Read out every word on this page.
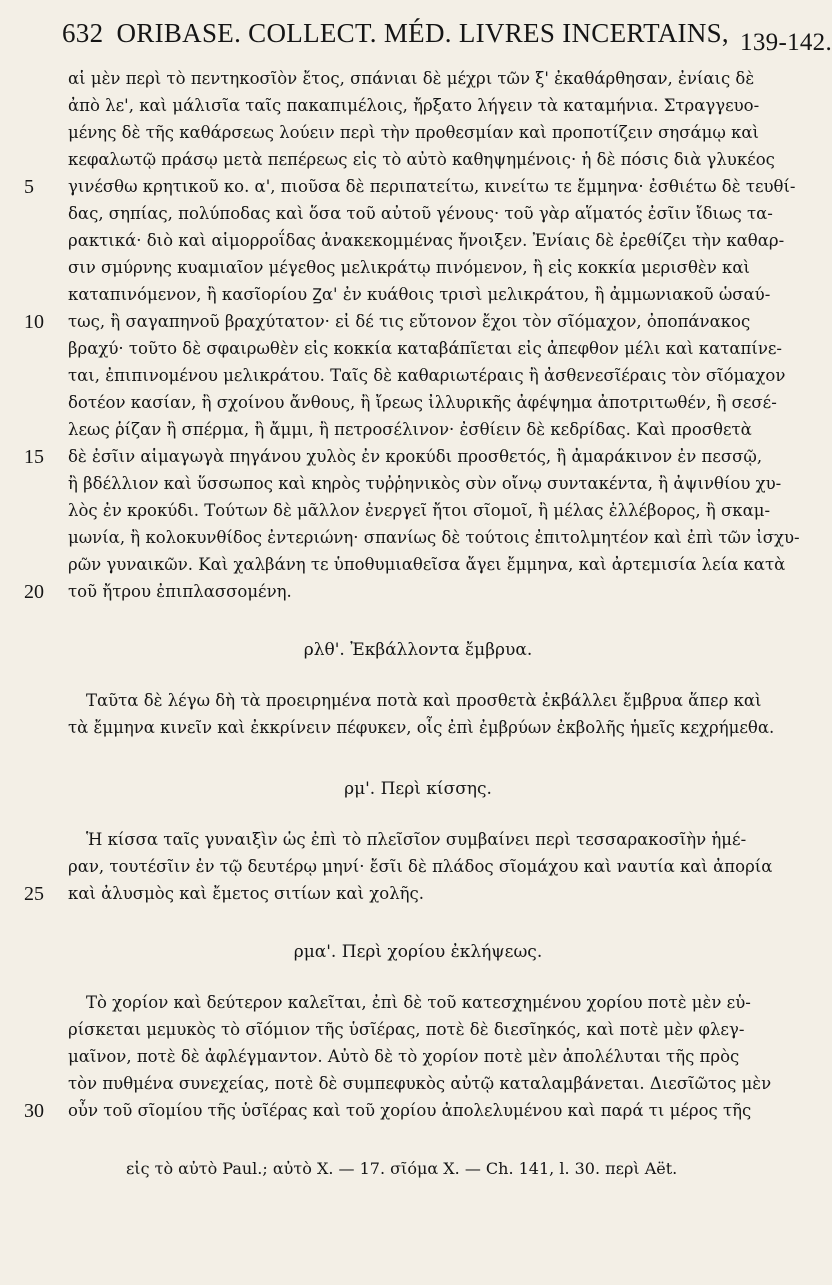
632 ORIBASE. COLLECT. MÉD. LIVRES INCERTAINS, 139-142.
αἱ μὲν περὶ τὸ πεντηκοσῖὸν ἔτος, σπάνιαι δὲ μέχρι τῶν ξ' ἐκαθάρθησαν, ἐνίαις δὲ
ἀπὸ λε', καὶ μάλισῖα ταῖς πακαπιμέλοις, ἤρξατο λήγειν τὰ καταμήνια. Στραγγευο-
μένης δὲ τῆς καθάρσεως λούειν περὶ τὴν προθεσμίαν καὶ προποτίζειν σησάμῳ καὶ
κεφαλωτῷ πράσῳ μετὰ πεπέρεως εἰς τὸ αὐτὸ καθηψημένοις· ἡ δὲ πόσις διὰ γλυκέος
γινέσθω κρητικοῦ κο. α', πιοῦσα δὲ περιπατείτω, κινείτω τε ἔμμηνα· ἐσθιέτω δὲ τευθί-
δας, σηπίας, πολύποδας καὶ ὅσα τοῦ αὐτοῦ γένους· τοῦ γὰρ αἵματός ἐσῖιν ἴδιως τα-
ρακτικά· διὸ καὶ αἱμορροΐδας ἀνακεκομμένας ἤνοιξεν. Ἐνίαις δὲ ἐρεθίζει τὴν καθαρ-
σιν σμύρνης κυαμιαῖον μέγεθος μελικράτῳ πινόμενον, ἢ εἰς κοκκία μερισθὲν καὶ
καταπινόμενον, ἢ κασῖορίου Ꙁα' ἐν κυάθοις τρισὶ μελικράτου, ἢ ἀμμωνιακοῦ ὡσαύ-
τως, ἢ σαγαπηνοῦ βραχύτατον· εἰ δέ τις εὔτονον ἔχοι τὸν σῖόμαχον, ὀποπάνακος
βραχύ· τοῦτο δὲ σφαιρωθὲν εἰς κοκκία καταβάπῖεται εἰς ἀπεφθον μέλι καὶ καταπίνε-
ται, ἐπιπινομένου μελικράτου. Ταῖς δὲ καθαριωτέραις ἢ ἀσθενεσῖέραις τὸν σῖόμαχον
δοτέον κασίαν, ἢ σχοίνου ἄνθους, ἢ ἴρεως ἰλλυρικῆς ἀφέψημα ἀποτριτωθέν, ἢ σεσέ-
λεως ῥίζαν ἢ σπέρμα, ἢ ἄμμι, ἢ πετροσέλινον· ἐσθίειν δὲ κεδρίδας. Καὶ προσθετὰ
δὲ ἐσῖιν αἱμαγωγὰ πηγάνου χυλὸς ἐν κροκύδι προσθετός, ἢ ἀμαράκινον ἐν πεσσῷ,
ἢ βδέλλιον καὶ ὕσσωπος καὶ κηρὸς τυῤῥηνικὸς σὺν οἴνῳ συντακέντα, ἢ ἀψινθίου χυ-
λὸς ἐν κροκύδι. Τούτων δὲ μᾶλλον ἐνεργεῖ ἤτοι σῖομοῖ, ἢ μέλας ἐλλέβορος, ἢ σκαμ-
μωνία, ἢ κολοκυνθίδος ἐντεριώνη· σπανίως δὲ τούτοις ἐπιτολμητέον καὶ ἐπὶ τῶν ἰσχυ-
ρῶν γυναικῶν. Καὶ χαλβάνη τε ὑποθυμιαθεῖσα ἄγει ἔμμηνα, καὶ ἀρτεμισία λεία κατὰ
τοῦ ἤτρου ἐπιπλασσομένη.
ρλθ'. Ἐκβάλλοντα ἔμβρυα.
Ταῦτα δὲ λέγω δὴ τὰ προειρημένα ποτὰ καὶ προσθετὰ ἐκβάλλει ἔμβρυα ἅπερ καὶ
τὰ ἔμμηνα κινεῖν καὶ ἐκκρίνειν πέφυκεν, οἷς ἐπὶ ἐμβρύων ἐκβολῆς ἡμεῖς κεχρήμεθα.
ρμ'. Περὶ κίσσης.
Ἡ κίσσα ταῖς γυναιξὶν ὡς ἐπὶ τὸ πλεῖσῖον συμβαίνει περὶ τεσσαρακοσῖὴν ἡμέ-
ραν, τουτέσῖιν ἐν τῷ δευτέρῳ μηνί· ἔσῖι δὲ πλάδος σῖομάχου καὶ ναυτία καὶ ἀπορία
καὶ ἀλυσμὸς καὶ ἔμετος σιτίων καὶ χολῆς.
ρμα'. Περὶ χορίου ἐκλήψεως.
Τὸ χορίον καὶ δεύτερον καλεῖται, ἐπὶ δὲ τοῦ κατεσχημένου χορίου ποτὲ μὲν εὑ-
ρίσκεται μεμυκὸς τὸ σῖόμιον τῆς ὑσῖέρας, ποτὲ δὲ διεσῖηκός, καὶ ποτὲ μὲν φλεγ-
μαῖνον, ποτὲ δὲ ἀφλέγμαντον. Αὐτὸ δὲ τὸ χορίον ποτὲ μὲν ἀπολέλυται τῆς πρὸς
τὸν πυθμένα συνεχείας, ποτὲ δὲ συμπεφυκὸς αὐτῷ καταλαμβάνεται. Διεσῖῶτος μὲν
οὖν τοῦ σῖομίου τῆς ὑσῖέρας καὶ τοῦ χορίου ἀπολελυμένου καὶ παρά τι μέρος τῆς
5
10
15
20
25
30
εἰς τὸ αὐτὸ Paul.; αὐτὸ X. — 17. σῖόμα X. — Ch. 141, l. 30. περὶ Aët.
